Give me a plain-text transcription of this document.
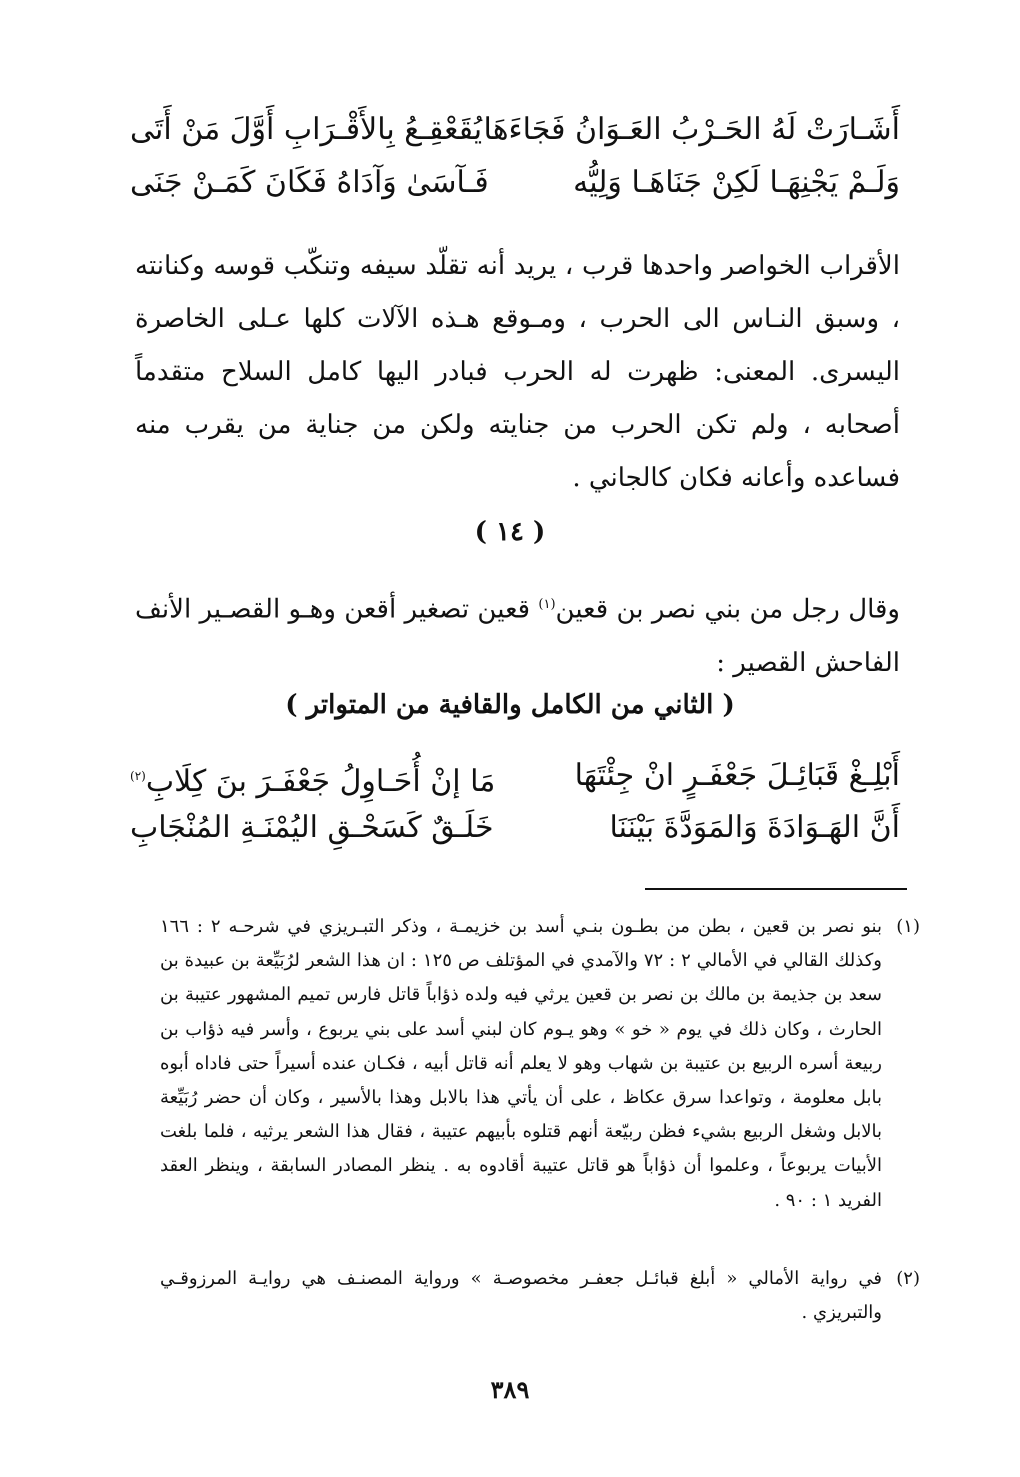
أَشَـارَتْ لَهُ الحَـرْبُ العَـوَانُ فَجَاءَهَا
يُقَعْقِـعُ بِالأَقْـرَابِ أَوَّلَ مَنْ أَتَى
وَلَـمْ يَجْنِهَـا لَكِنْ جَنَاهَـا وَلِيُّه
فَـآسَىٰ وَآدَاهُ فَكَانَ كَمَـنْ جَنَى
الأقراب الخواصر واحدها قرب ، يريد أنه تقلّد سيفه وتنكّب قوسه وكنانته ، وسبق النـاس الى الحرب ، ومـوقع هـذه الآلات كلها عـلى الخاصرة اليسرى. المعنى: ظهرت له الحرب فبادر اليها كامل السلاح متقدماً أصحابه ، ولم تكن الحرب من جنايته ولكن من جناية من يقرب منه فساعده وأعانه فكان كالجاني .
( ١٤ )
وقال رجل من بني نصر بن قعين$^{(١)}$ قعين تصغير أقعن وهـو القصـير الأنف الفاحش القصير :
( الثاني من الكامل والقافية من المتواتر )
أَبْلِـغْ قَبَائِـلَ جَعْفَـرٍ انْ جِئْتَهَا
مَا إنْ أُحَـاوِلُ جَعْفَـرَ بنَ كِلَابِ$^{(٢)}$
أَنَّ الهَـوَادَةَ وَالمَوَدَّةَ بَيْنَنَا
خَلَـقٌ كَسَحْـقِ اليُمْنَـةِ المُنْجَابِ
(١)
بنو نصر بن قعين ، بطن من بطـون بنـي أسد بن خزيمـة ، وذكر التبـريزي في شرحـه ٢ : ١٦٦ وكذلك القالي في الأمالي ٢ : ٧٢ والآمدي في المؤتلف ص ١٢٥ : ان هذا الشعر لرُبَيِّعة بن عبيدة بن سعد بن جذيمة بن مالك بن نصر بن قعين يرثي فيه ولده ذؤاباً قاتل فارس تميم المشهور عتيبة بن الحارث ، وكان ذلك في يوم « خو » وهو يـوم كان لبني أسد على بني يربوع ، وأسر فيه ذؤاب بن ربيعة أسره الربيع بن عتيبة بن شهاب وهو لا يعلم أنه قاتل أبيه ، فكـان عنده أسيراً حتى فاداه أبوه بابل معلومة ، وتواعدا سرق عكاظ ، على أن يأتي هذا بالابل وهذا بالأسير ، وكان أن حضر رُبَيِّعة بالابل وشغل الربيع بشيء فظن ربيّعة أنهم قتلوه بأبيهم عتيبة ، فقال هذا الشعر يرثيه ، فلما بلغت الأبيات يربوعاً ، وعلموا أن ذؤاباً هو قاتل عتيبة أقادوه به . ينظر المصادر السابقة ، وينظر العقد الفريد ١ : ٩٠ .
(٢)
في رواية الأمالي « أبلغ قبائـل جعفـر مخصوصـة » ورواية المصنـف هي روايـة المرزوقـي والتبريزي .
٣٨٩
